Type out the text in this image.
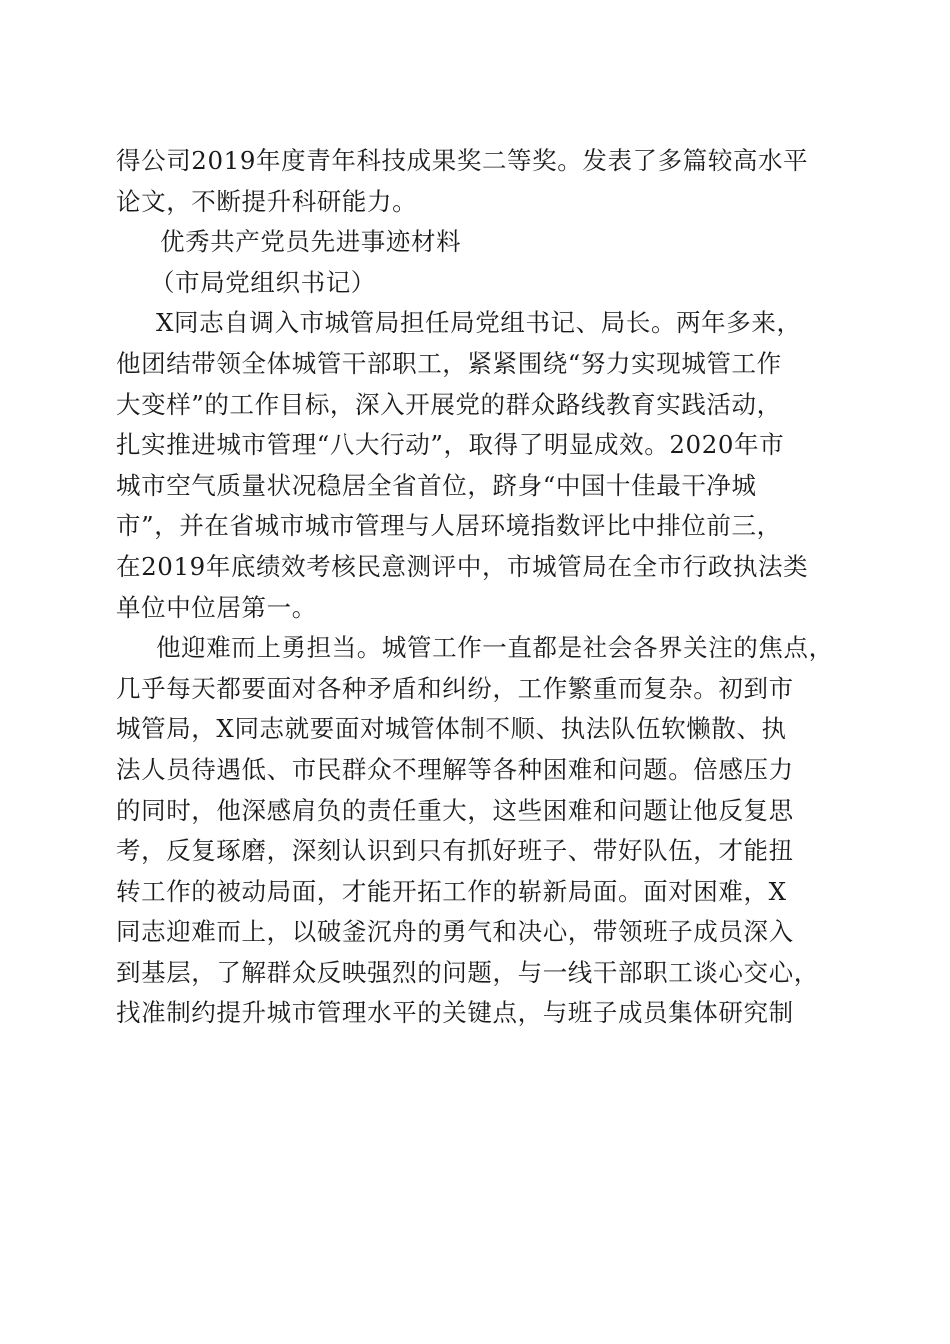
得公司2019年度青年科技成果奖二等奖。发表了多篇较高水平
论文，不断提升科研能力。
优秀共产党员先进事迹材料
（市局党组织书记）
X同志自调入市城管局担任局党组书记、局长。两年多来，
他团结带领全体城管干部职工，紧紧围绕“努力实现城管工作
大变样”的工作目标，深入开展党的群众路线教育实践活动，
扎实推进城市管理“八大行动”，取得了明显成效。2020年市
城市空气质量状况稳居全省首位，跻身“中国十佳最干净城
市”，并在省城市城市管理与人居环境指数评比中排位前三，
在2019年底绩效考核民意测评中，市城管局在全市行政执法类
单位中位居第一。
他迎难而上勇担当。城管工作一直都是社会各界关注的焦点，
几乎每天都要面对各种矛盾和纠纷，工作繁重而复杂。初到市
城管局，X同志就要面对城管体制不顺、执法队伍软懒散、执
法人员待遇低、市民群众不理解等各种困难和问题。倍感压力
的同时，他深感肩负的责任重大，这些困难和问题让他反复思
考，反复琢磨，深刻认识到只有抓好班子、带好队伍，才能扭
转工作的被动局面，才能开拓工作的崭新局面。面对困难，X
同志迎难而上，以破釜沉舟的勇气和决心，带领班子成员深入
到基层，了解群众反映强烈的问题，与一线干部职工谈心交心，
找准制约提升城市管理水平的关键点，与班子成员集体研究制
